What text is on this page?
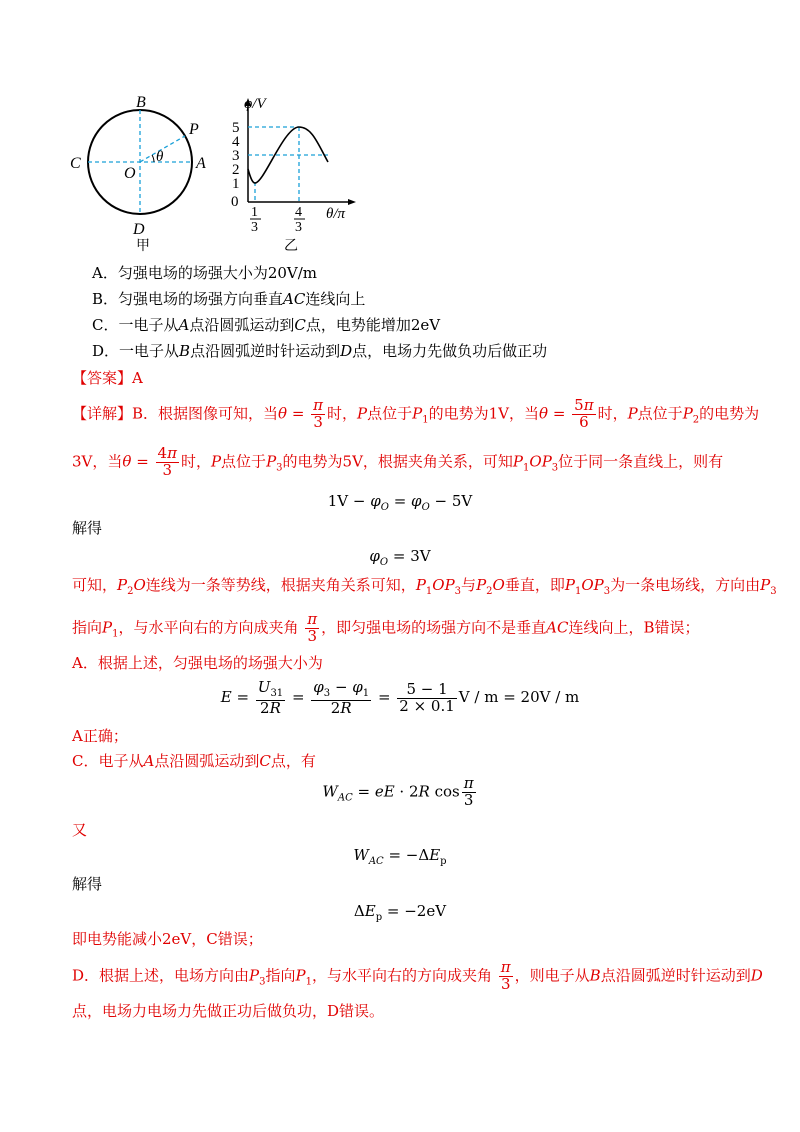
B
P
C
O
θ A
D
φ/V
5
4
3
2
1
0
1
3
4
3
θ/π
甲	乙
A．匀强电场的场强大小为20V/m
B．匀强电场的场强方向垂直AC连线向上
C．一电子从A点沿圆弧运动到C点，电势能增加2eV
D．一电子从B点沿圆弧逆时针运动到D点，电场力先做负功后做正功
【答案】A
【详解】B．根据图像可知，当$\theta = \frac{\pi}{3}$ 时，P点位于$P_1$的电势为1V，当$\theta = \frac{5\pi}{6}$ 时，P点位于$P_2$的电势为
3V，当$\theta = \frac{4\pi}{3}$ 时，P点位于$P_3$的电势为5V，根据夹角关系，可知$P_1OP_3$位于同一条直线上，则有
$1V - \varphi_O = \varphi_O - 5V$
解得
$\varphi_O = 3V$
可知，$P_2O$连线为一条等势线，根据夹角关系可知，$P_1OP_3$与$P_2O$垂直，即$P_1OP_3$为一条电场线，方向由$P_3$
指向$P_1$，与水平向右的方向成夹角 $\frac{\pi}{3}$ ，即匀强电场的场强方向不是垂直AC连线向上，B错误；
A．根据上述，匀强电场的场强大小为
$E = \frac{U_{31}}{2R} = \frac{\varphi_3 - \varphi_1}{2R} = \frac{5 - 1}{2 \times 0.1}$ V / m = 20V / m
A正确；
C．电子从A点沿圆弧运动到C点，有
$W_{AC}$ = eE · 2R $\cos \frac{\pi}{3}$
又
$W_{AC} = -\Delta E_p$
解得
$\Delta E_p = -2eV$
即电势能减小2eV，C错误；
D．根据上述，电场方向由$P_3$指向$P_1$，与水平向右的方向成夹角 $\frac{\pi}{3}$ ，则电子从B点沿圆弧逆时针运动到D
点，电场力电场力先做正功后做负功，D错误。
